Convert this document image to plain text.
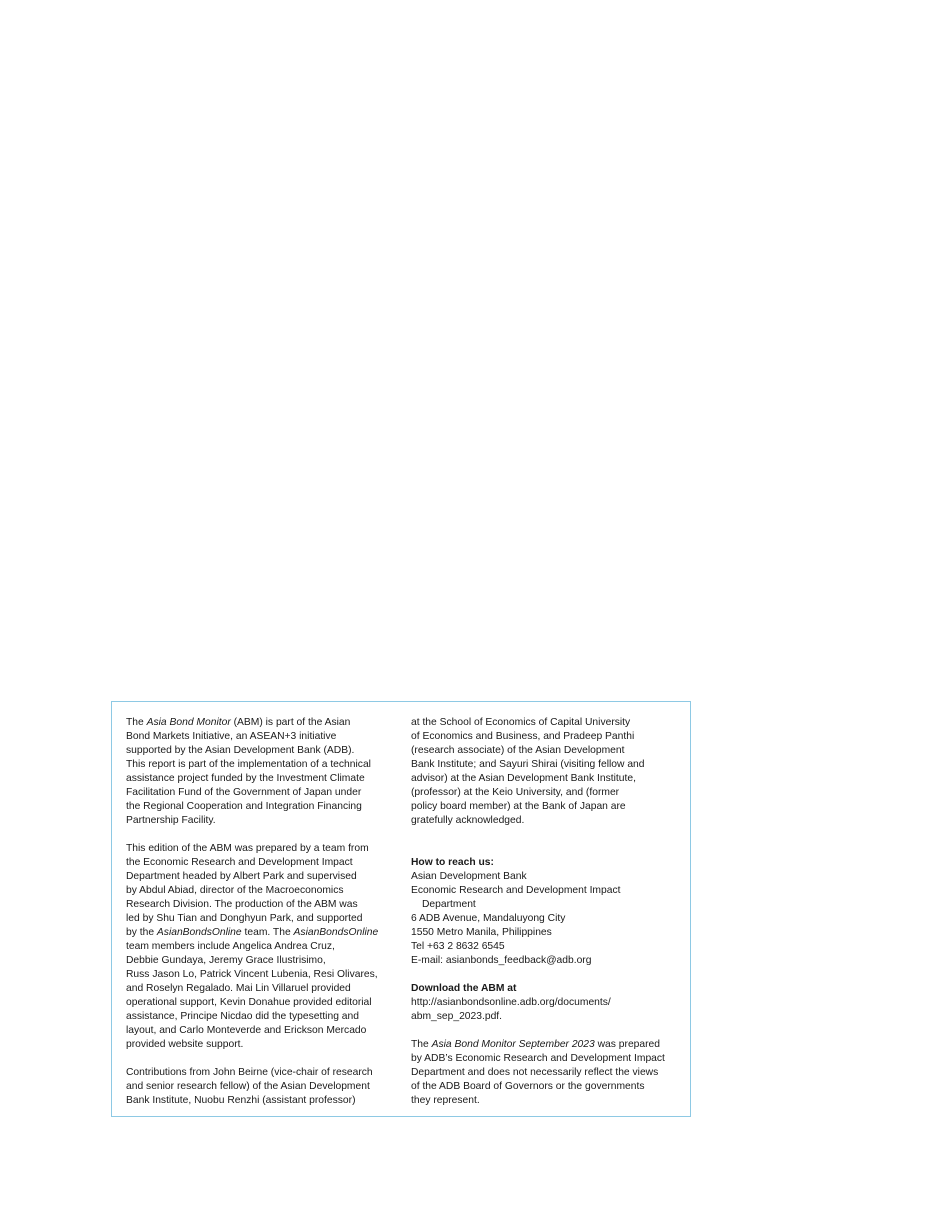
The Asia Bond Monitor (ABM) is part of the Asian
Bond Markets Initiative, an ASEAN+3 initiative
supported by the Asian Development Bank (ADB).
This report is part of the implementation of a technical
assistance project funded by the Investment Climate
Facilitation Fund of the Government of Japan under
the Regional Cooperation and Integration Financing
Partnership Facility.
This edition of the ABM was prepared by a team from
the Economic Research and Development Impact
Department headed by Albert Park and supervised
by Abdul Abiad, director of the Macroeconomics
Research Division. The production of the ABM was
led by Shu Tian and Donghyun Park, and supported
by the AsianBondsOnline team. The AsianBondsOnline
team members include Angelica Andrea Cruz,
Debbie Gundaya, Jeremy Grace Ilustrisimo,
Russ Jason Lo, Patrick Vincent Lubenia, Resi Olivares,
and Roselyn Regalado. Mai Lin Villaruel provided
operational support, Kevin Donahue provided editorial
assistance, Principe Nicdao did the typesetting and
layout, and Carlo Monteverde and Erickson Mercado
provided website support.
Contributions from John Beirne (vice-chair of research
and senior research fellow) of the Asian Development
Bank Institute, Nuobu Renzhi (assistant professor)
at the School of Economics of Capital University
of Economics and Business, and Pradeep Panthi
(research associate) of the Asian Development
Bank Institute; and Sayuri Shirai (visiting fellow and
advisor) at the Asian Development Bank Institute,
(professor) at the Keio University, and (former
policy board member) at the Bank of Japan are
gratefully acknowledged.
How to reach us:
Asian Development Bank
Economic Research and Development Impact
Department
6 ADB Avenue, Mandaluyong City
1550 Metro Manila, Philippines
Tel +63 2 8632 6545
E-mail: asianbonds_feedback@adb.org
Download the ABM at
http://asianbondsonline.adb.org/documents/
abm_sep_2023.pdf.
The Asia Bond Monitor September 2023 was prepared
by ADB’s Economic Research and Development Impact
Department and does not necessarily reflect the views
of the ADB Board of Governors or the governments
they represent.
